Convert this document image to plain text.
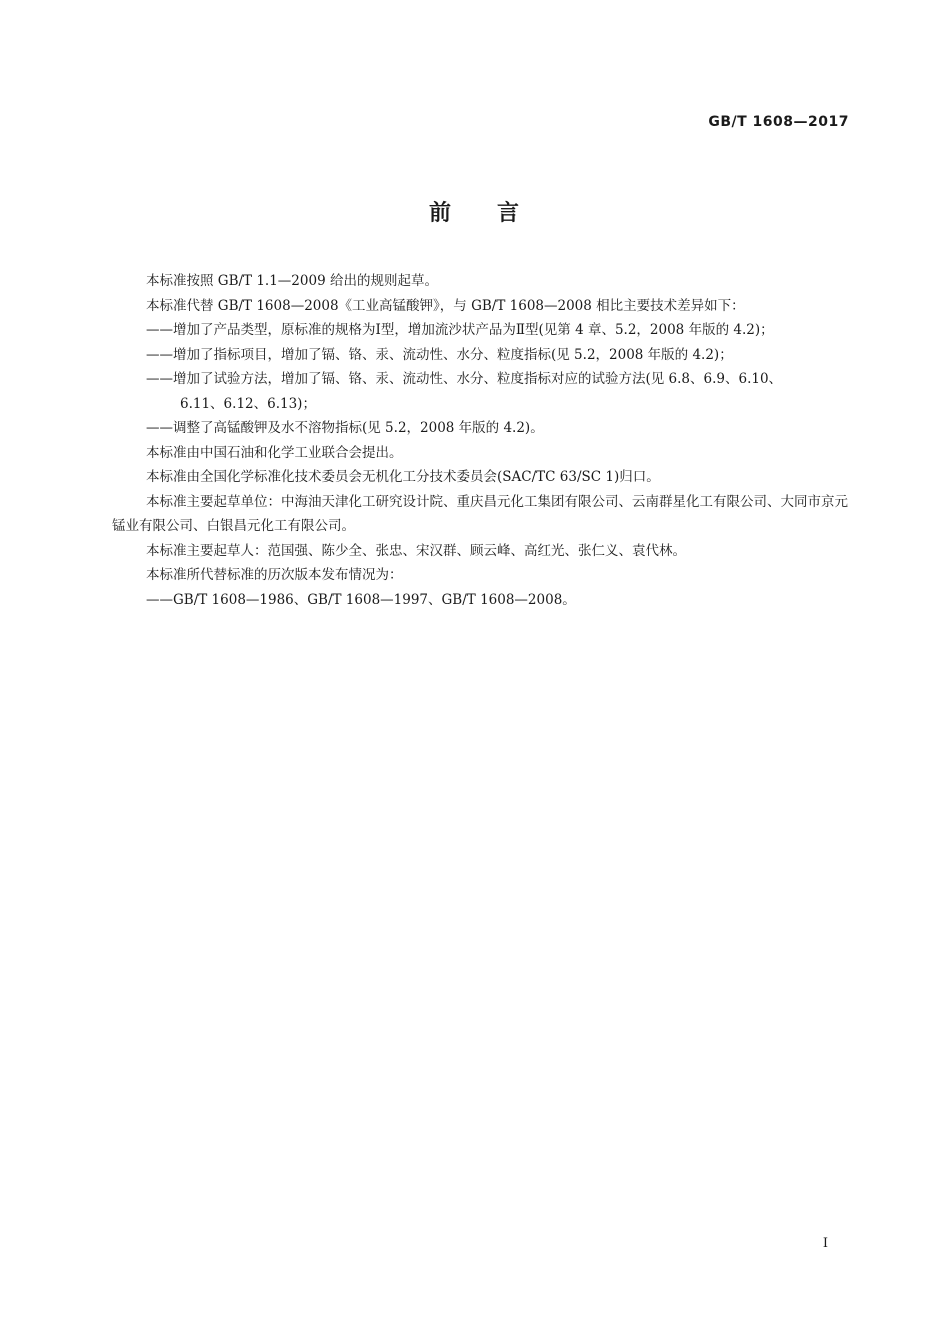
GB/T 1608—2017
前 言

本标准按照 GB/T 1.1—2009 给出的规则起草。

本标准代替 GB/T 1608—2008《工业高锰酸钾》，与 GB/T 1608—2008 相比主要技术差异如下：

——增加了产品类型，原标准的规格为Ⅰ型，增加流沙状产品为Ⅱ型(见第 4 章、5.2，2008 年版的 4.2)；

——增加了指标项目，增加了镉、铬、汞、流动性、水分、粒度指标(见 5.2，2008 年版的 4.2)；

——增加了试验方法，增加了镉、铬、汞、流动性、水分、粒度指标对应的试验方法(见 6.8、6.9、6.10、
6.11、6.12、6.13)；

——调整了高锰酸钾及水不溶物指标(见 5.2，2008 年版的 4.2)。

本标准由中国石油和化学工业联合会提出。

本标准由全国化学标准化技术委员会无机化工分技术委员会(SAC/TC 63/SC 1)归口。

本标准主要起草单位：中海油天津化工研究设计院、重庆昌元化工集团有限公司、云南群星化工有限公司、大同市京元锰业有限公司、白银昌元化工有限公司。

本标准主要起草人：范国强、陈少全、张忠、宋汉群、顾云峰、高红光、张仁义、袁代林。

本标准所代替标准的历次版本发布情况为：

——GB/T 1608—1986、GB/T 1608—1997、GB/T 1608—2008。

I
